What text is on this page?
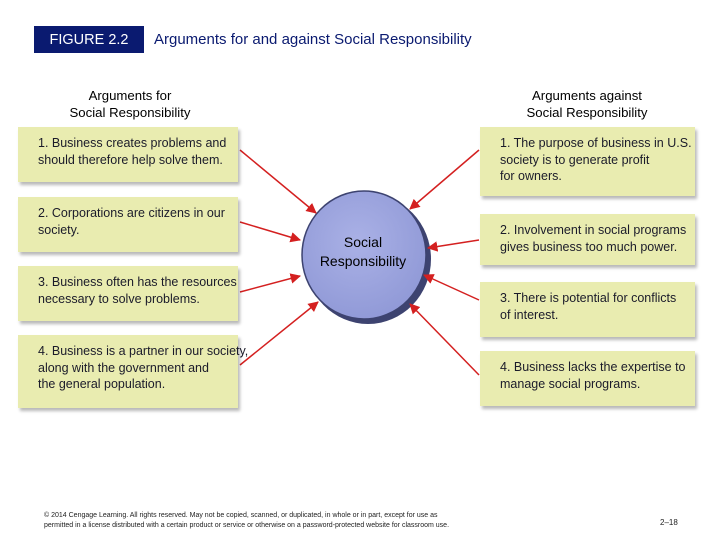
FIGURE 2.2	Arguments for and against Social Responsibility
Arguments for
Social Responsibility
Arguments against
Social Responsibility
Social
Responsibility
1. Business creates problems and
should therefore help solve them.
2. Corporations are citizens in our
society.
3. Business often has the resources
necessary to solve problems.
4. Business is a partner in our society,
along with the government and
the general population.
1. The purpose of business in U.S.
society is to generate profit
for owners.
2. Involvement in social programs
gives business too much power.
3. There is potential for conflicts
of interest.
4. Business lacks the expertise to
manage social programs.
© 2014 Cengage Learning. All rights reserved. May not be copied, scanned, or duplicated, in whole or in part, except for use as
permitted in a license distributed with a certain product or service or otherwise on a password-protected website for classroom use.	2–18
